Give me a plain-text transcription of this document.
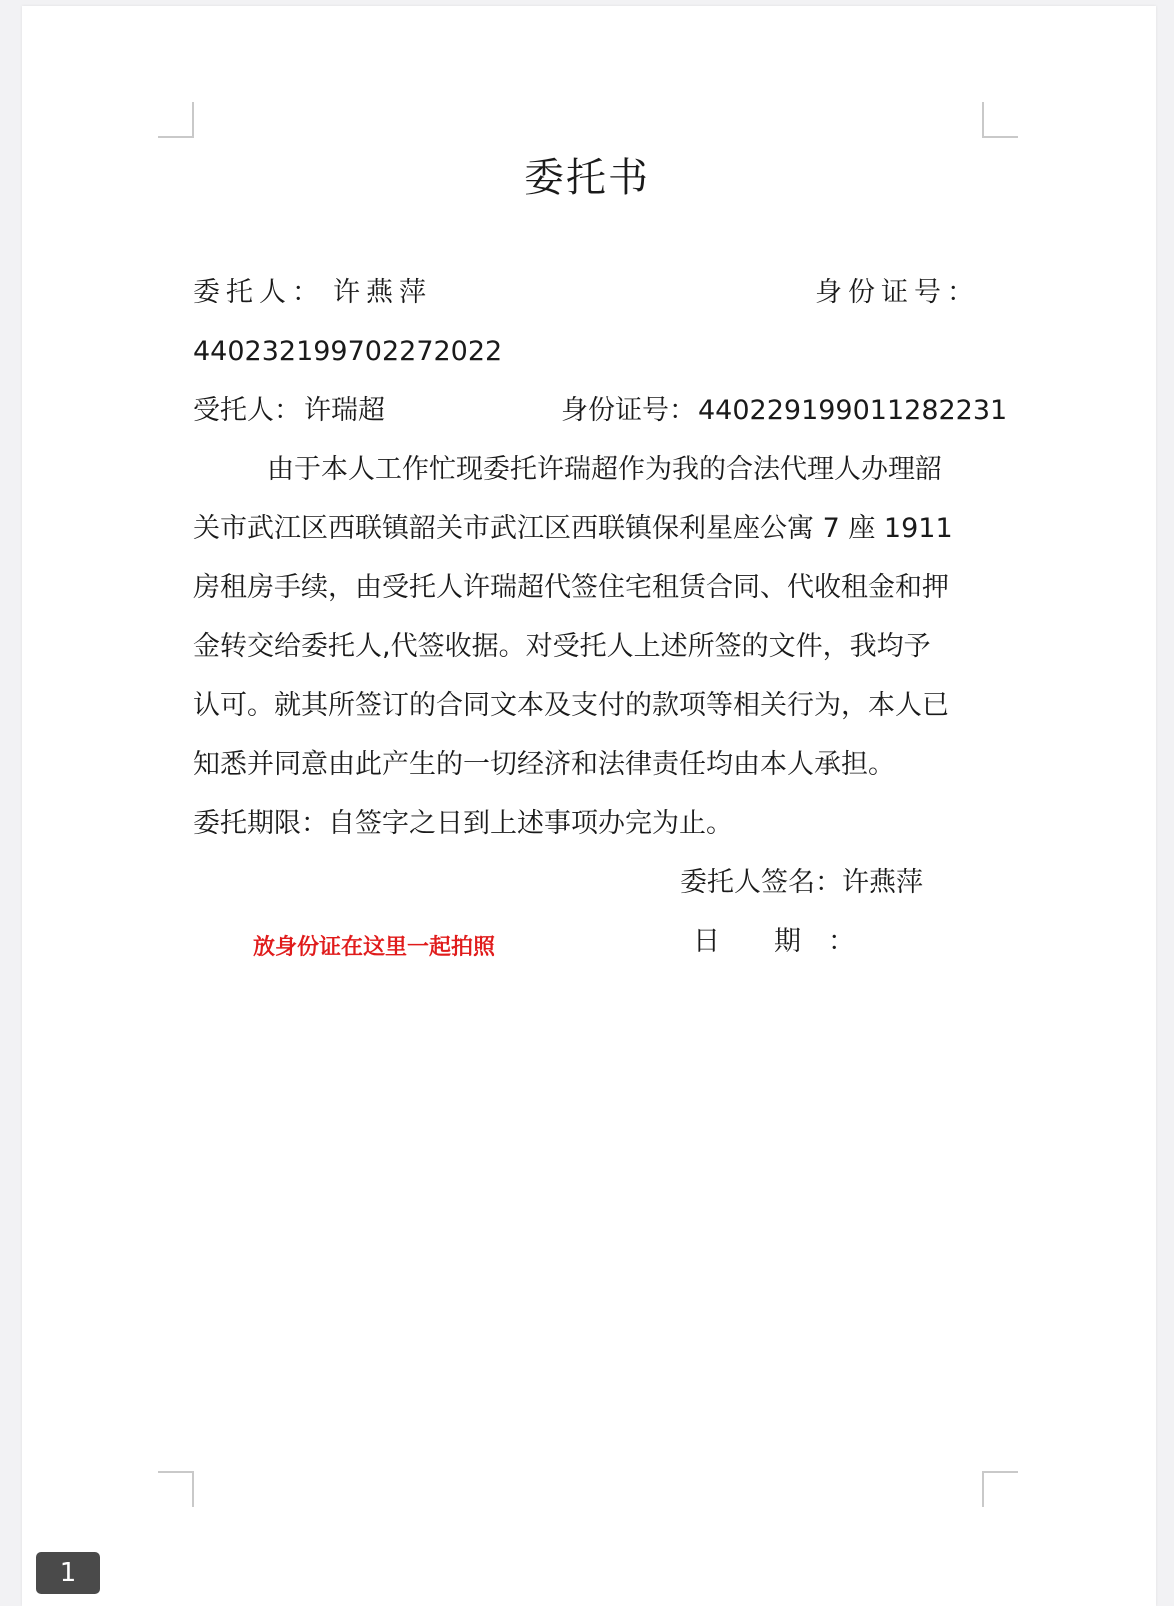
委托书
委托人： 许燕萍	身份证号：
440232199702272022
受托人： 许瑞超	身份证号： 440229199011282231
由于本人工作忙现委托许瑞超作为我的合法代理人办理韶
关市武江区西联镇韶关市武江区西联镇保利星座公寓 7 座 1911
房租房手续，由受托人许瑞超代签住宅租赁合同、代收租金和押
金转交给委托人,代签收据。对受托人上述所签的文件，我均予
认可。就其所签订的合同文本及支付的款项等相关行为，本人已
知悉并同意由此产生的一切经济和法律责任均由本人承担。
委托期限：自签字之日到上述事项办完为止。
委托人签名：许燕萍
放身份证在这里一起拍照	日　　期　：
1
